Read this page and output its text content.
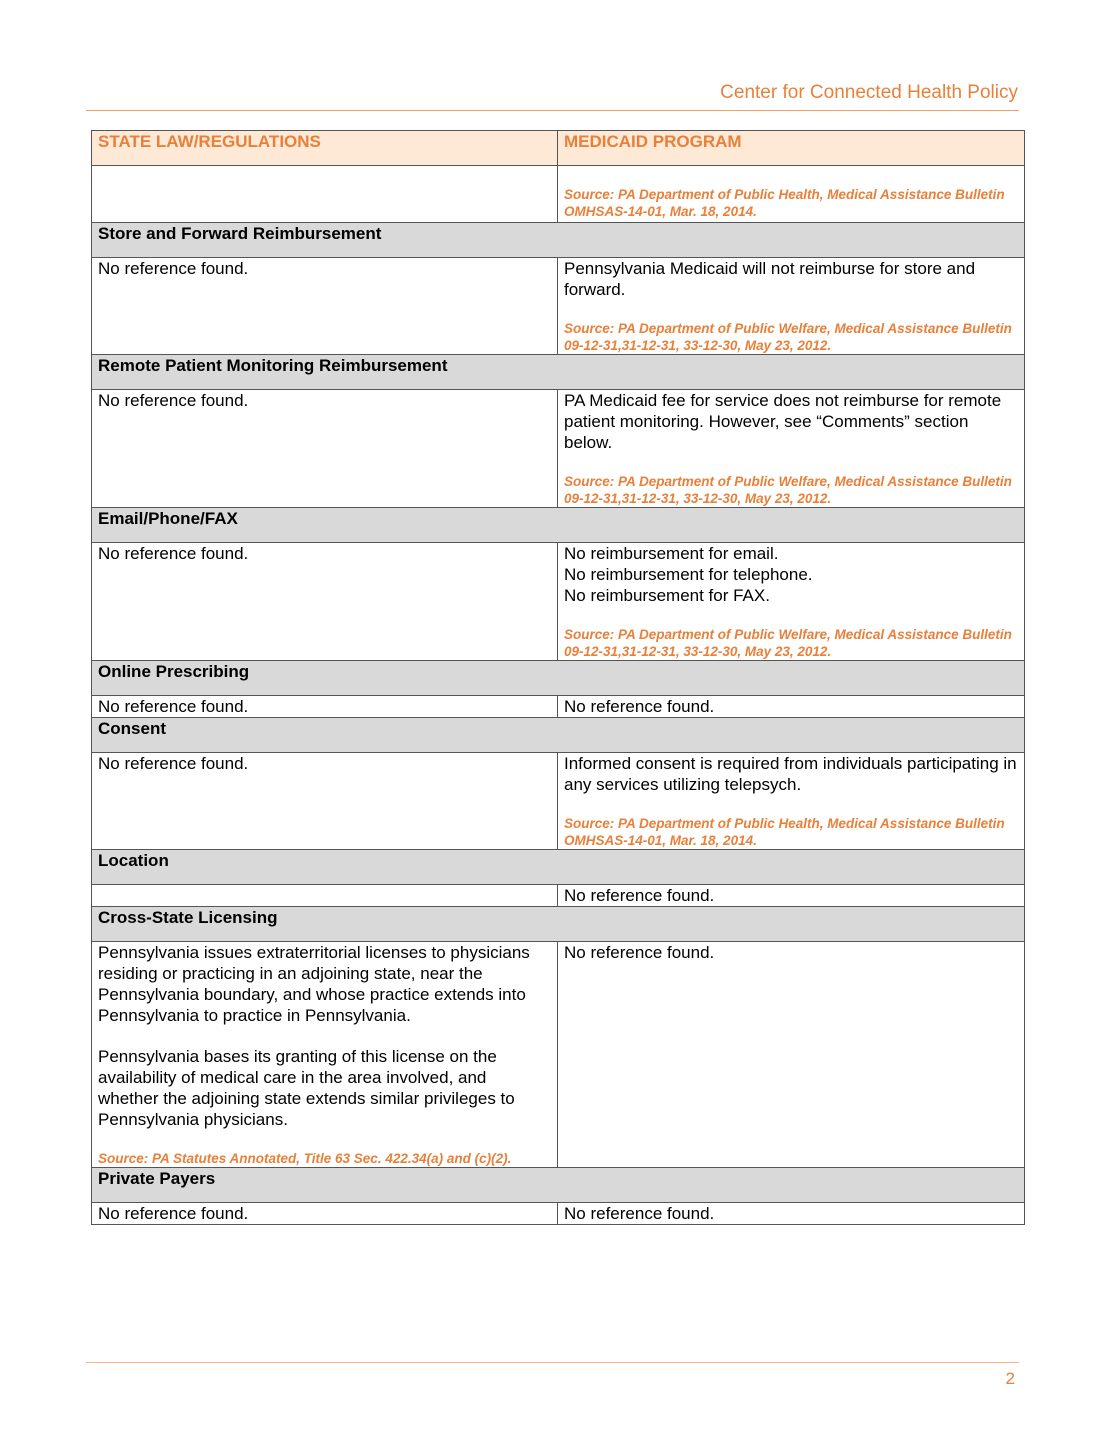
Center for Connected Health Policy
STATE LAW/REGULATIONS	MEDICAID PROGRAM

	Source: PA Department of Public Health, Medical Assistance Bulletin OMHSAS-14-01, Mar. 18, 2014.

Store and Forward Reimbursement	

No reference found.	Pennsylvania Medicaid will not reimburse for store and forward.

Source: PA Department of Public Welfare, Medical Assistance Bulletin 09-12-31,31-12-31, 33-12-30, May 23, 2012.

Remote Patient Monitoring Reimbursement	

No reference found.	PA Medicaid fee for service does not reimburse for remote patient monitoring. However, see “Comments” section below.

Source: PA Department of Public Welfare, Medical Assistance Bulletin 09-12-31,31-12-31, 33-12-30, May 23, 2012.

Email/Phone/FAX	

No reference found.	No reimbursement for email.

No reimbursement for telephone.

No reimbursement for FAX.

Source: PA Department of Public Welfare, Medical Assistance Bulletin 09-12-31,31-12-31, 33-12-30, May 23, 2012.

Online Prescribing	

No reference found.	No reference found.

Consent	

No reference found.	Informed consent is required from individuals participating in any services utilizing telepsych.

Source: PA Department of Public Health, Medical Assistance Bulletin OMHSAS-14-01, Mar. 18, 2014.

Location	

	No reference found.

Cross-State Licensing	

Pennsylvania issues extraterritorial licenses to physicians residing or practicing in an adjoining state, near the Pennsylvania boundary, and whose practice extends into Pennsylvania to practice in Pennsylvania.

Pennsylvania bases its granting of this license on the availability of medical care in the area involved, and whether the adjoining state extends similar privileges to Pennsylvania physicians.

Source: PA Statutes Annotated, Title 63 Sec. 422.34(a) and (c)(2).	No reference found.

Private Payers	

No reference found.	No reference found.

2
